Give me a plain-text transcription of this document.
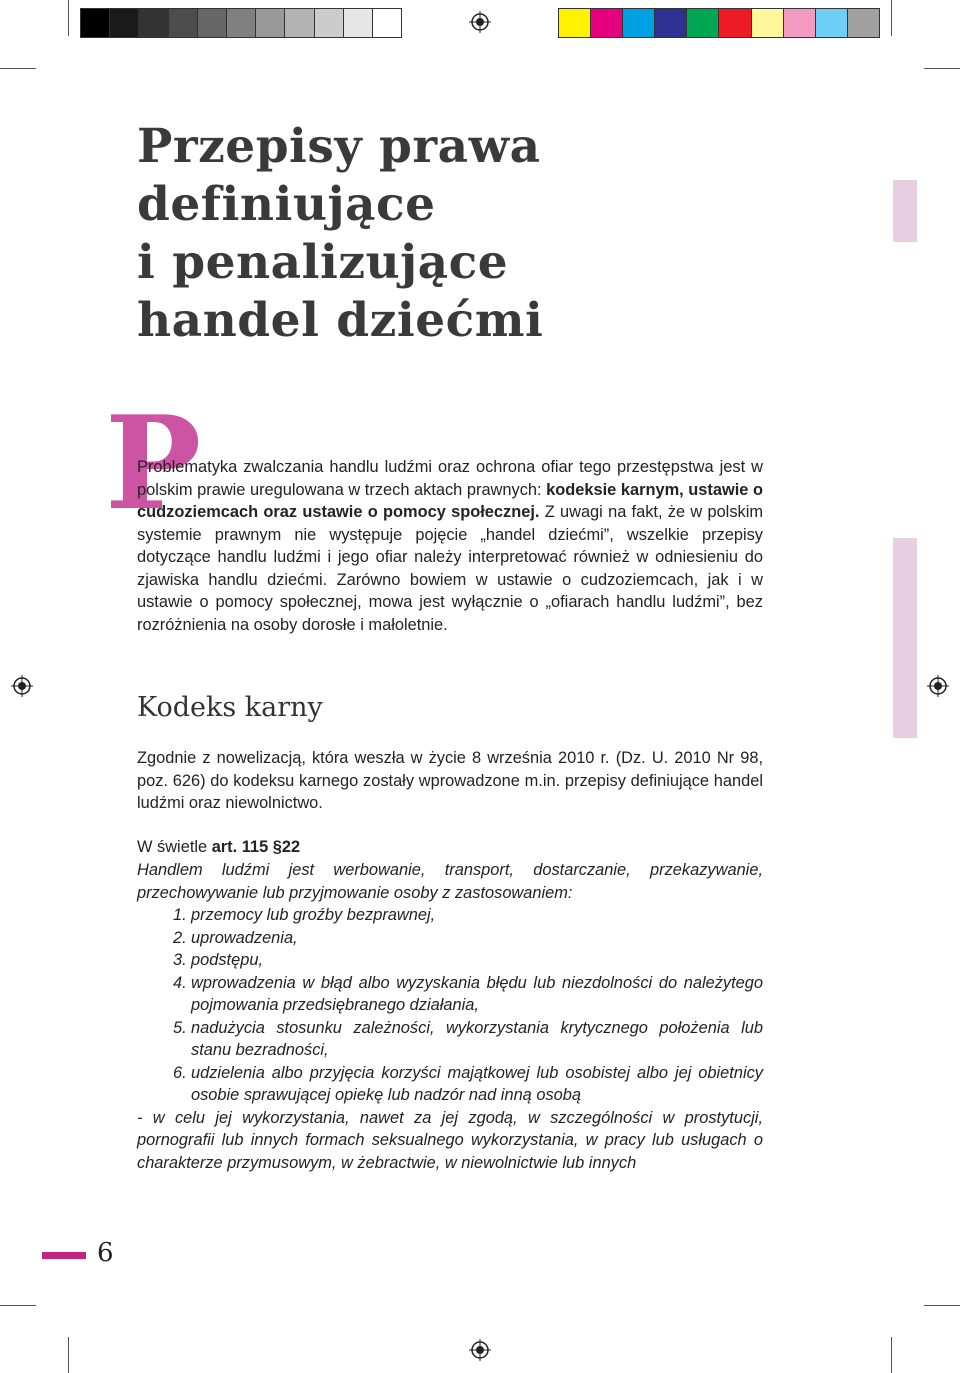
Przepisy prawa
definiujące
i penalizujące
handel dziećmi
P

Problematyka zwalczania handlu ludźmi oraz ochrona ofiar tego przestępstwa jest w polskim prawie uregulowana w trzech aktach prawnych: kodeksie karnym, ustawie o cudzoziemcach oraz ustawie o pomocy społecznej. Z uwagi na fakt, że w polskim systemie prawnym nie występuje pojęcie „handel dziećmi”, wszelkie przepisy dotyczące handlu ludźmi i jego ofiar należy interpretować również w odniesieniu do zjawiska handlu dziećmi. Zarówno bowiem w ustawie o cudzoziemcach, jak i w ustawie o pomocy społecznej, mowa jest wyłącznie o „ofiarach handlu ludźmi”, bez rozróżnienia na osoby dorosłe i małoletnie.

Kodeks karny

Zgodnie z nowelizacją, która weszła w życie 8 września 2010 r. (Dz. U. 2010 Nr 98, poz. 626) do kodeksu karnego zostały wprowadzone m.in. przepisy definiujące handel ludźmi oraz niewolnictwo.

W świetle art. 115 §22

Handlem ludźmi jest werbowanie, transport, dostarczanie, przekazywanie, przechowywanie lub przyjmowanie osoby z zastosowaniem:
1. przemocy lub groźby bezprawnej,
2. uprowadzenia,
3. podstępu,
4. wprowadzenia w błąd albo wyzyskania błędu lub niezdolności do należytego pojmowania przedsiębranego działania,
5. nadużycia stosunku zależności, wykorzystania krytycznego położenia lub stanu bezradności,
6. udzielenia albo przyjęcia korzyści majątkowej lub osobistej albo jej obietnicy osobie sprawującej opiekę lub nadzór nad inną osobą
- w celu jej wykorzystania, nawet za jej zgodą, w szczególności w prostytucji, pornografii lub innych formach seksualnego wykorzystania, w pracy lub usługach o charakterze przymusowym, w żebractwie, w niewolnictwie lub innych
6
